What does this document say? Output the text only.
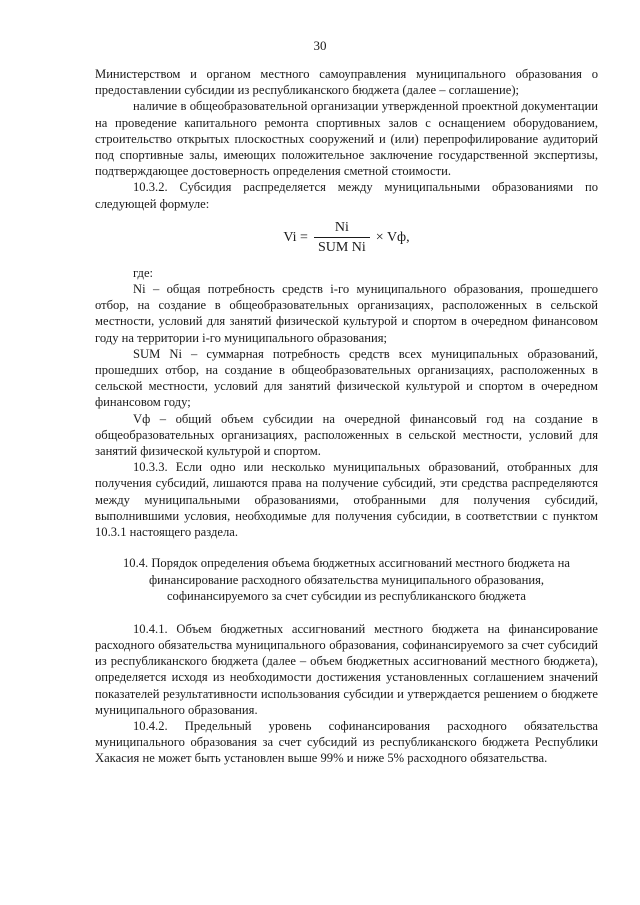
30

Министерством и органом местного самоуправления муниципального образования о предоставлении субсидии из республиканского бюджета (далее – соглашение);

наличие в общеобразовательной организации утвержденной проектной документации на проведение капитального ремонта спортивных залов с оснащением оборудованием, строительство открытых плоскостных сооружений и (или) перепрофилирование аудиторий под спортивные залы, имеющих положительное заключение государственной экспертизы, подтверждающее достоверность определения сметной стоимости.

10.3.2. Субсидия распределяется между муниципальными образованиями по следующей формуле:

$Vi = \frac{Ni}{\text{SUM Ni}}$ × Vф,

где:

Ni – общая потребность средств i-го муниципального образования, прошедшего отбор, на создание в общеобразовательных организациях, расположенных в сельской местности, условий для занятий физической культурой и спортом в очередном финансовом году на территории i-го муниципального образования;

SUM Ni – суммарная потребность средств всех муниципальных образований, прошедших отбор, на создание в общеобразовательных организациях, расположенных в сельской местности, условий для занятий физической культурой и спортом в очередном финансовом году;

Vф – общий объем субсидии на очередной финансовый год на создание в общеобразовательных организациях, расположенных в сельской местности, условий для занятий физической культурой и спортом.

10.3.3. Если одно или несколько муниципальных образований, отобранных для получения субсидий, лишаются права на получение субсидий, эти средства распределяются между муниципальными образованиями, отобранными для получения субсидий, выполнившими условия, необходимые для получения субсидии, в соответствии с пунктом 10.3.1 настоящего раздела.

10.4. Порядок определения объема бюджетных ассигнований местного бюджета на финансирование расходного обязательства муниципального образования, софинансируемого за счет субсидии из республиканского бюджета

10.4.1. Объем бюджетных ассигнований местного бюджета на финансирование расходного обязательства муниципального образования, софинансируемого за счет субсидий из республиканского бюджета (далее – объем бюджетных ассигнований местного бюджета), определяется исходя из необходимости достижения установленных соглашением значений показателей результативности использования субсидии и утверждается решением о бюджете муниципального образования.

10.4.2. Предельный уровень софинансирования расходного обязательства муниципального образования за счет субсидий из республиканского бюджета Республики Хакасия не может быть установлен выше 99% и ниже 5% расходного обязательства.
